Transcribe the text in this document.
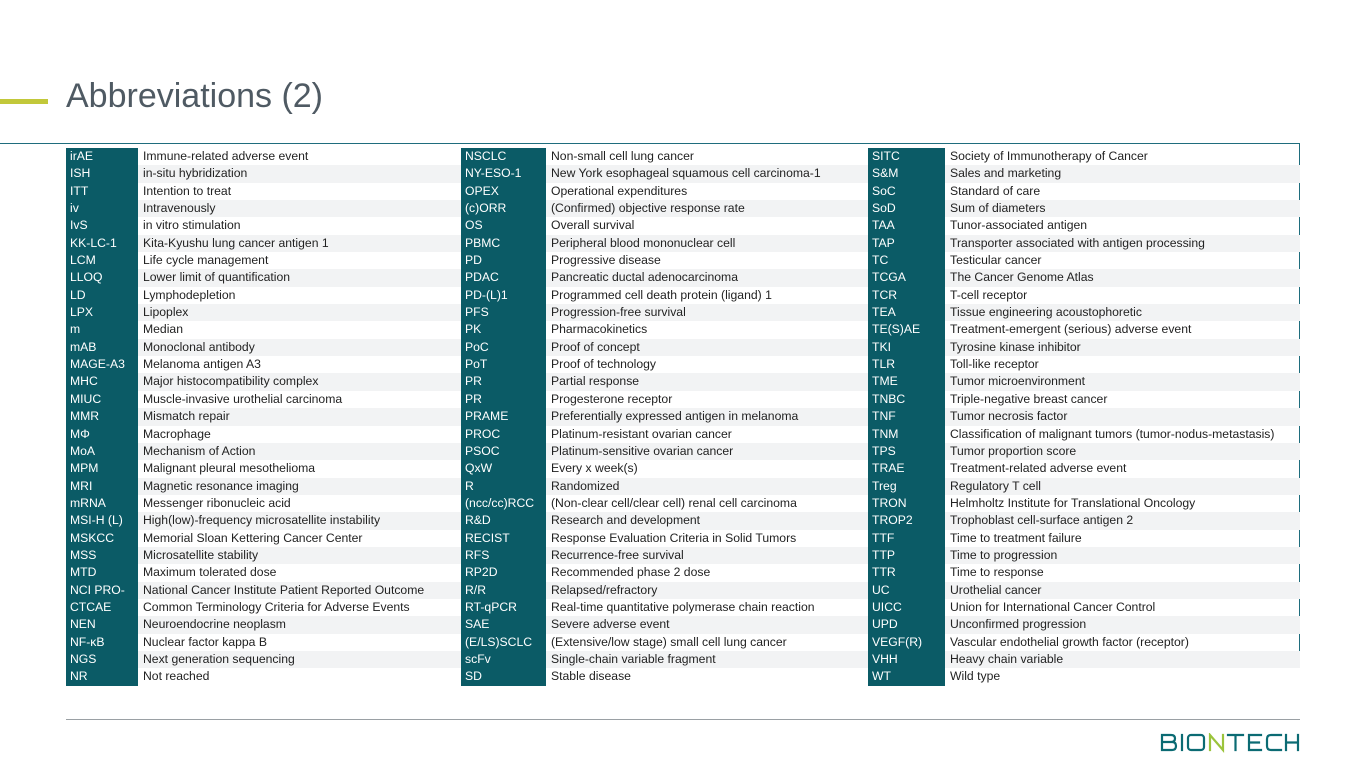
Abbreviations (2)
irAE	Immune-related adverse event	NSCLC	Non-small cell lung cancer	SITC	Society of Immunotherapy of Cancer
ISH	in-situ hybridization	NY-ESO-1	New York esophageal squamous cell carcinoma-1	S&M	Sales and marketing
ITT	Intention to treat	OPEX	Operational expenditures	SoC	Standard of care
iv	Intravenously	(c)ORR	(Confirmed) objective response rate	SoD	Sum of diameters
IvS	in vitro stimulation	OS	Overall survival	TAA	Tunor-associated antigen
KK-LC-1	Kita-Kyushu lung cancer antigen 1	PBMC	Peripheral blood mononuclear cell	TAP	Transporter associated with antigen processing
LCM	Life cycle management	PD	Progressive disease	TC	Testicular cancer
LLOQ	Lower limit of quantification	PDAC	Pancreatic ductal adenocarcinoma	TCGA	The Cancer Genome Atlas
LD	Lymphodepletion	PD-(L)1	Programmed cell death protein (ligand) 1	TCR	T-cell receptor
LPX	Lipoplex	PFS	Progression-free survival	TEA	Tissue engineering acoustophoretic
m	Median	PK	Pharmacokinetics	TE(S)AE	Treatment-emergent (serious) adverse event
mAB	Monoclonal antibody	PoC	Proof of concept	TKI	Tyrosine kinase inhibitor
MAGE-A3	Melanoma antigen A3	PoT	Proof of technology	TLR	Toll-like receptor
MHC	Major histocompatibility complex	PR	Partial response	TME	Tumor microenvironment
MIUC	Muscle-invasive urothelial carcinoma	PR	Progesterone receptor	TNBC	Triple-negative breast cancer
MMR	Mismatch repair	PRAME	Preferentially expressed antigen in melanoma	TNF	Tumor necrosis factor
MΦ	Macrophage	PROC	Platinum-resistant ovarian cancer	TNM	Classification of malignant tumors (tumor-nodus-metastasis)
MoA	Mechanism of Action	PSOC	Platinum-sensitive ovarian cancer	TPS	Tumor proportion score
MPM	Malignant pleural mesothelioma	QxW	Every x week(s)	TRAE	Treatment-related adverse event
MRI	Magnetic resonance imaging	R	Randomized	Treg	Regulatory T cell
mRNA	Messenger ribonucleic acid	(ncc/cc)RCC	(Non-clear cell/clear cell) renal cell carcinoma	TRON	Helmholtz Institute for Translational Oncology
MSI-H (L)	High(low)-frequency microsatellite instability	R&D	Research and development	TROP2	Trophoblast cell-surface antigen 2
MSKCC	Memorial Sloan Kettering Cancer Center	RECIST	Response Evaluation Criteria in Solid Tumors	TTF	Time to treatment failure
MSS	Microsatellite stability	RFS	Recurrence-free survival	TTP	Time to progression
MTD	Maximum tolerated dose	RP2D	Recommended phase 2 dose	TTR	Time to response
NCI PRO-	National Cancer Institute Patient Reported Outcome	R/R	Relapsed/refractory	UC	Urothelial cancer
CTCAE	Common Terminology Criteria for Adverse Events	RT-qPCR	Real-time quantitative polymerase chain reaction	UICC	Union for International Cancer Control
NEN	Neuroendocrine neoplasm	SAE	Severe adverse event	UPD	Unconfirmed progression
NF-κB	Nuclear factor kappa B	(E/LS)SCLC	(Extensive/low stage) small cell lung cancer	VEGF(R)	Vascular endothelial growth factor (receptor)
NGS	Next generation sequencing	scFv	Single-chain variable fragment	VHH	Heavy chain variable
NR	Not reached	SD	Stable disease	WT	Wild type
